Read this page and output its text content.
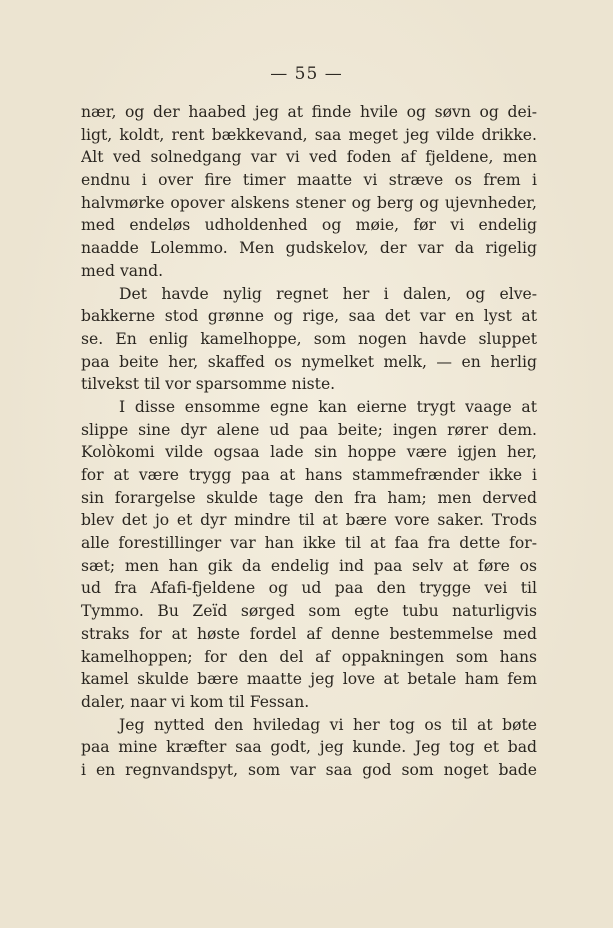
— 55 —
nær, og der haabed jeg at finde hvile og søvn og dei-
ligt, koldt, rent bækkevand, saa meget jeg vilde drikke.
Alt ved solnedgang var vi ved foden af fjeldene, men
endnu i over fire timer maatte vi stræve os frem i
halvmørke opover alskens stener og berg og ujevnheder,
med endeløs udholdenhed og møie, før vi endelig
naadde Lolemmo. Men gudskelov, der var da rigelig
med vand.
Det havde nylig regnet her i dalen, og elve-
bakkerne stod grønne og rige, saa det var en lyst at
se. En enlig kamelhoppe, som nogen havde sluppet
paa beite her, skaffed os nymelket melk, — en herlig
tilvekst til vor sparsomme niste.
I disse ensomme egne kan eierne trygt vaage at
slippe sine dyr alene ud paa beite; ingen rører dem.
Kolòkomi vilde ogsaa lade sin hoppe være igjen her,
for at være trygg paa at hans stammefrænder ikke i
sin forargelse skulde tage den fra ham; men derved
blev det jo et dyr mindre til at bære vore saker. Trods
alle forestillinger var han ikke til at faa fra dette for-
sæt; men han gik da endelig ind paa selv at føre os
ud fra Afafi-fjeldene og ud paa den trygge vei til
Tymmo. Bu Zeïd sørged som egte tubu naturligvis
straks for at høste fordel af denne bestemmelse med
kamelhoppen; for den del af oppakningen som hans
kamel skulde bære maatte jeg love at betale ham fem
daler, naar vi kom til Fessan.
Jeg nytted den hviledag vi her tog os til at bøte
paa mine kræfter saa godt, jeg kunde. Jeg tog et bad
i en regnvandspyt, som var saa god som noget bade
